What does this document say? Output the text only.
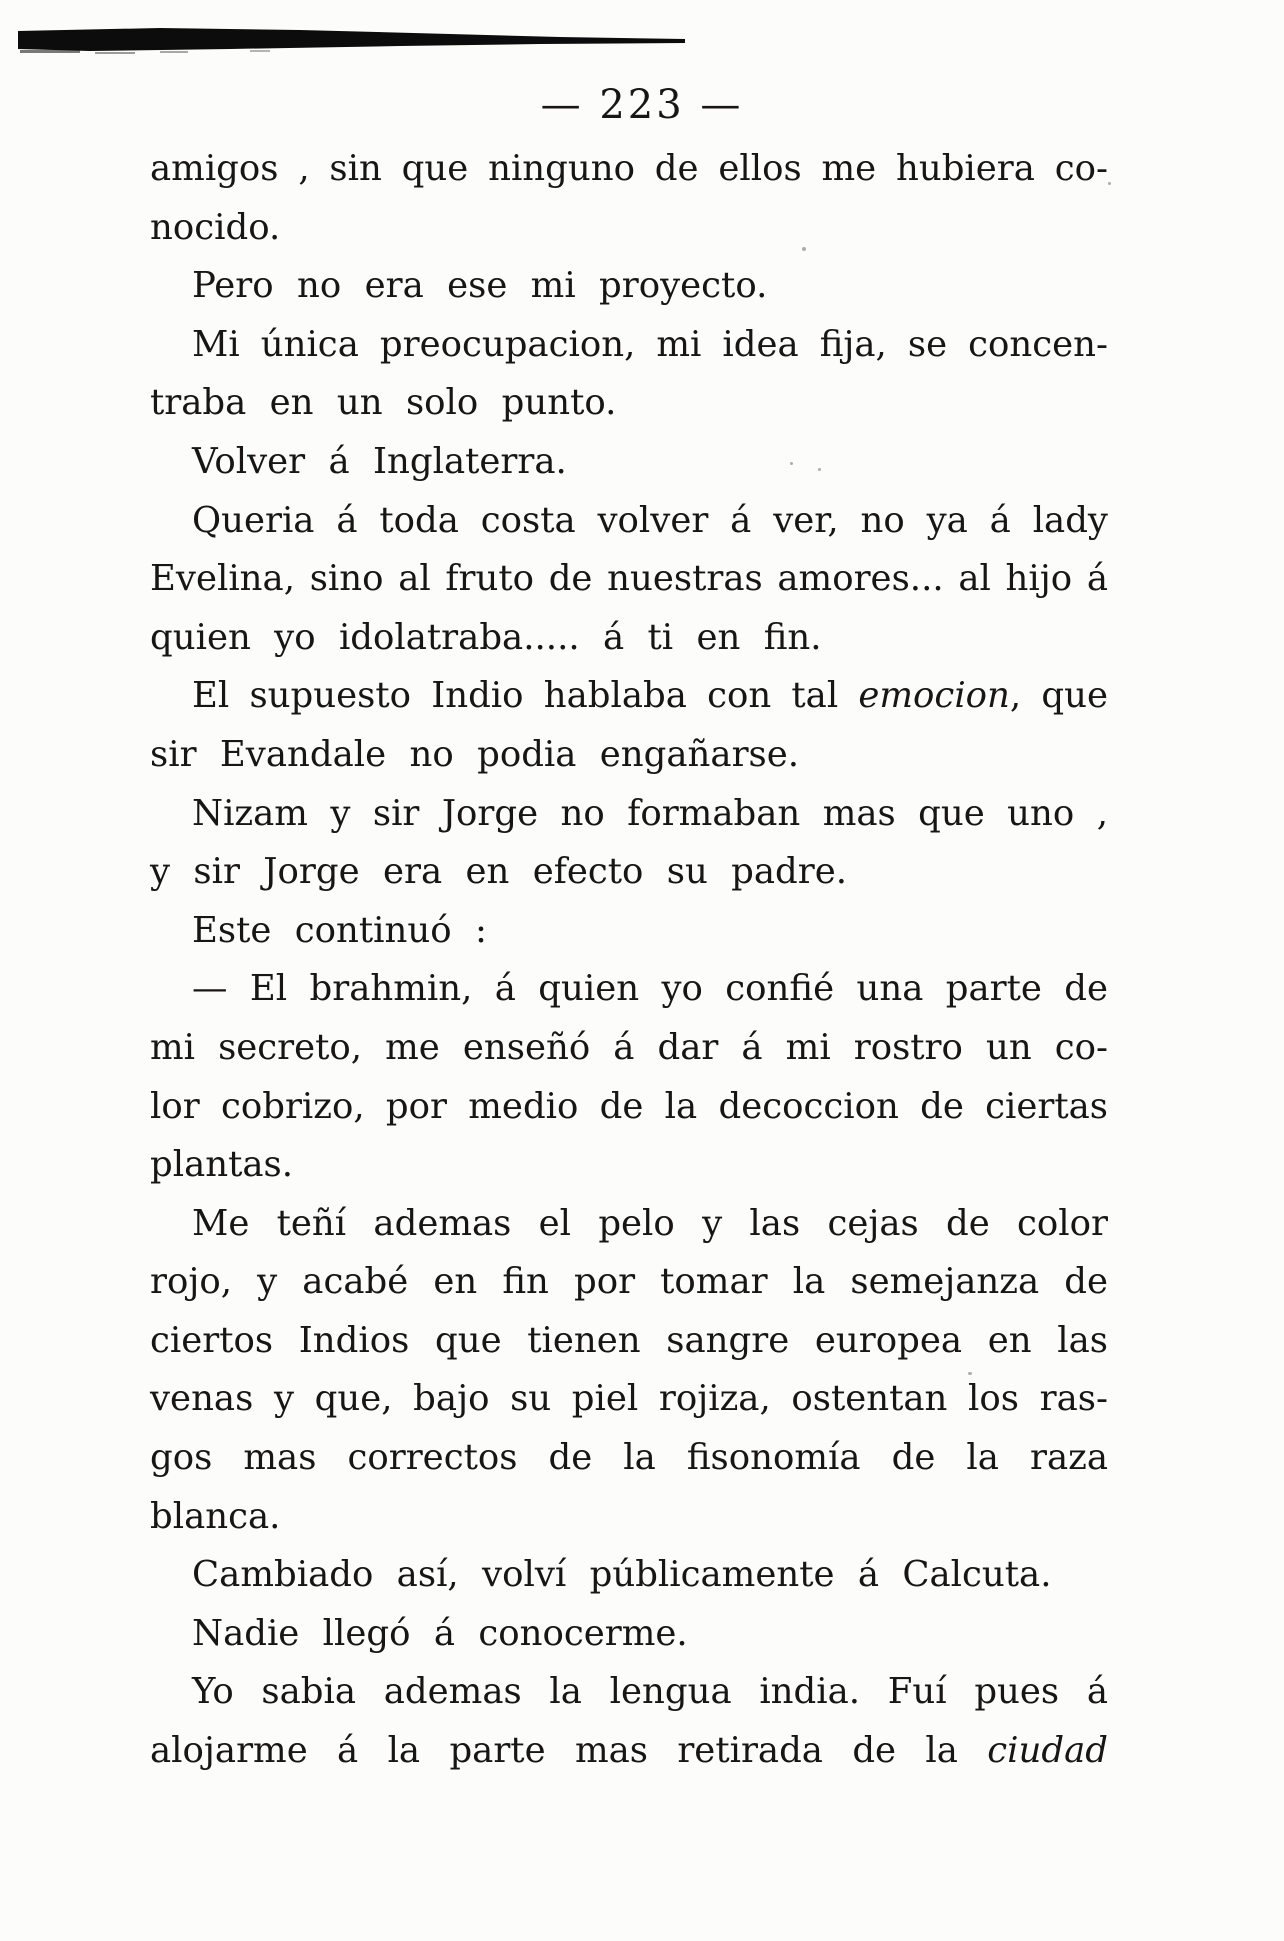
— 223 —
amigos , sin que ninguno de ellos me hubiera co-
nocido.
Pero no era ese mi proyecto.
Mi única preocupacion, mi idea fija, se concen-
traba en un solo punto.
Volver á Inglaterra.
Queria á toda costa volver á ver, no ya á lady
Evelina, sino al fruto de nuestras amores... al hijo á
quien yo idolatraba..... á ti en fin.
El supuesto Indio hablaba con tal emocion, que
sir Evandale no podia engañarse.
Nizam y sir Jorge no formaban mas que uno ,
y sir Jorge era en efecto su padre.
Este continuó :
— El brahmin, á quien yo confié una parte de
mi secreto, me enseñó á dar á mi rostro un co-
lor cobrizo, por medio de la decoccion de ciertas
plantas.
Me teñí ademas el pelo y las cejas de color
rojo, y acabé en fin por tomar la semejanza de
ciertos Indios que tienen sangre europea en las
venas y que, bajo su piel rojiza, ostentan los ras-
gos mas correctos de la fisonomía de la raza
blanca.
Cambiado así, volví públicamente á Calcuta.
Nadie llegó á conocerme.
Yo sabia ademas la lengua india. Fuí pues á
alojarme á la parte mas retirada de la ciudad
